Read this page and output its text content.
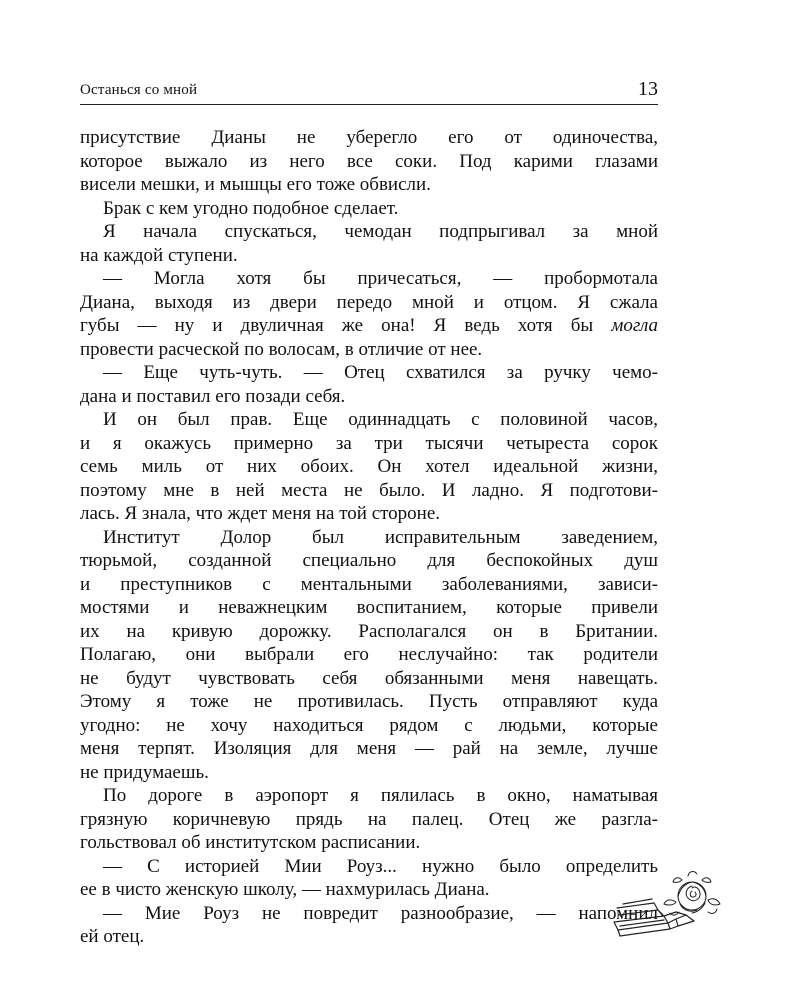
Останься со мной	13
присутствие Дианы не уберегло его от одиночества,
которое выжало из него все соки. Под карими глазами
висели мешки, и мышцы его тоже обвисли.
Брак с кем угодно подобное сделает.
Я начала спускаться, чемодан подпрыгивал за мной
на каждой ступени.
— Могла хотя бы причесаться, — пробормотала
Диана, выходя из двери передо мной и отцом. Я сжала
губы — ну и двуличная же она! Я ведь хотя бы могла
провести расческой по волосам, в отличие от нее.
— Еще чуть-чуть. — Отец схватился за ручку чемо-
дана и поставил его позади себя.
И он был прав. Еще одиннадцать с половиной часов,
и я окажусь примерно за три тысячи четыреста сорок
семь миль от них обоих. Он хотел идеальной жизни,
поэтому мне в ней места не было. И ладно. Я подготови-
лась. Я знала, что ждет меня на той стороне.
Институт Долор был исправительным заведением,
тюрьмой, созданной специально для беспокойных душ
и преступников с ментальными заболеваниями, зависи-
мостями и неважнецким воспитанием, которые привели
их на кривую дорожку. Располагался он в Британии.
Полагаю, они выбрали его неслучайно: так родители
не будут чувствовать себя обязанными меня навещать.
Этому я тоже не противилась. Пусть отправляют куда
угодно: не хочу находиться рядом с людьми, которые
меня терпят. Изоляция для меня — рай на земле, лучше
не придумаешь.
По дороге в аэропорт я пялилась в окно, наматывая
грязную коричневую прядь на палец. Отец же разгла-
гольствовал об институтском расписании.
— С историей Мии Роуз... нужно было определить
ее в чисто женскую школу, — нахмурилась Диана.
— Мие Роуз не повредит разнообразие, — напомнил
ей отец.
